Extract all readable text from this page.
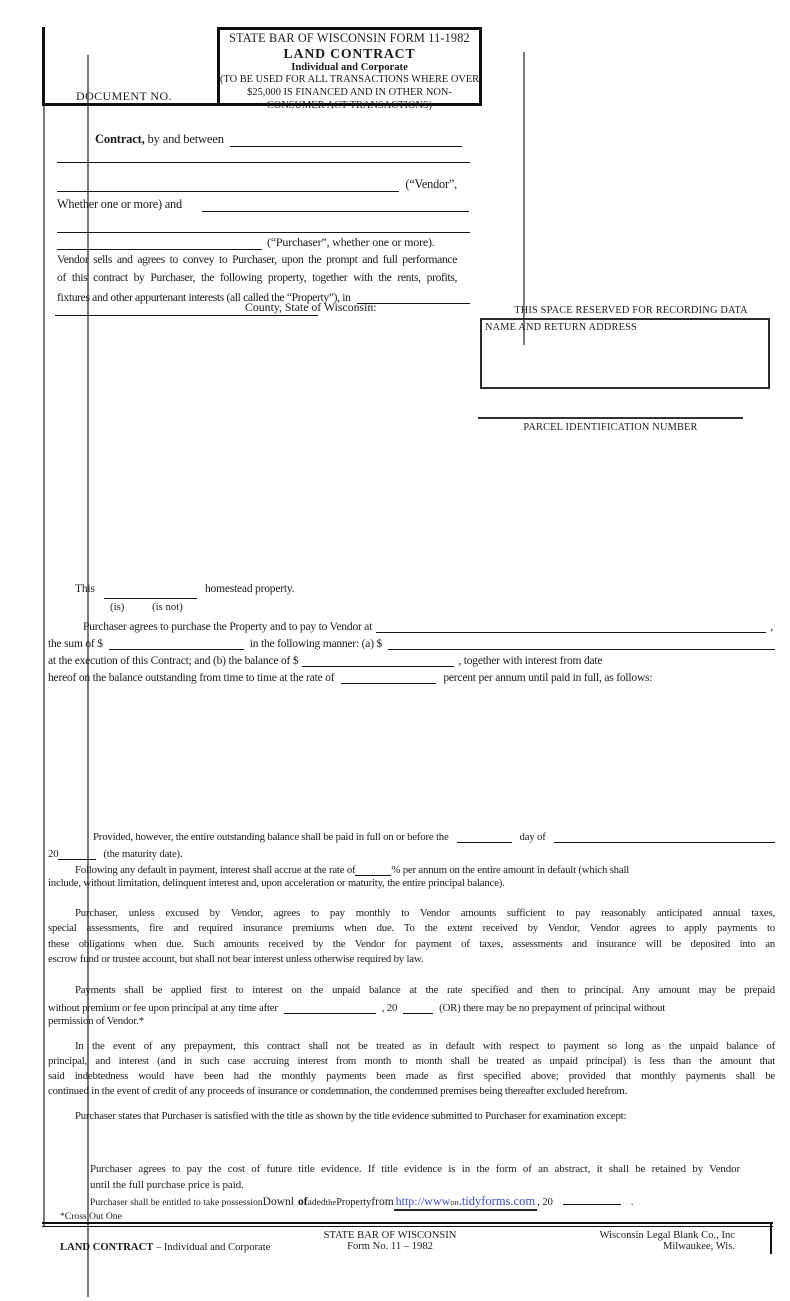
DOCUMENT NO.
STATE BAR OF WISCONSIN FORM 11-1982
LAND CONTRACT
Individual and Corporate
(TO BE USED FOR ALL TRANSACTIONS WHERE OVER
$25,000 IS FINANCED AND IN OTHER NON-
CONSUMER ACT TRANSACTIONS)
Contract, by and between
(“Vendor”,
Whether one or more) and
(“Purchaser”, whether one or more).
Vendor sells and agrees to convey to Purchaser, upon the prompt and full performance
of this contract by Purchaser, the following property, together with the rents, profits,
fixtures and other appurtenant interests (all called the “Property”), in
County, State of Wisconsin:	THIS SPACE RESERVED FOR RECORDING DATA
NAME AND RETURN ADDRESS
PARCEL IDENTIFICATION NUMBER
This	homestead property.
(is)	(is not)
Purchaser agrees to purchase the Property and to pay to Vendor at	,
the sum of $	in the following manner: (a) $
at the execution of this Contract; and (b) the balance of $	, together with interest from date
hereof on the balance outstanding from time to time at the rate of	percent per annum until paid in full, as follows:
Provided, however, the entire outstanding balance shall be paid in full on or before the	day of
20	(the maturity date).
Following any default in payment, interest shall accrue at the rate of	% per annum on the entire amount in default (which shall
include, without limitation, delinquent interest and, upon acceleration or maturity, the entire principal balance).
Purchaser, unless excused by Vendor, agrees to pay monthly to Vendor amounts sufficient to pay reasonably anticipated annual taxes,
special assessments, fire and required insurance premiums when due. To the extent received by Vendor, Vendor agrees to apply payments to
these obligations when due. Such amounts received by the Vendor for payment of taxes, assessments and insurance will be deposited into an
escrow fund or trustee account, but shall not bear interest unless otherwise required by law.
Payments shall be applied first to interest on the unpaid balance at the rate specified and then to principal. Any amount may be prepaid
without premium or fee upon principal at any time after	, 20	(OR) there may be no prepayment of principal without
permission of Vendor.*
In the event of any prepayment, this contract shall not be treated as in default with respect to payment so long as the unpaid balance of
principal, and interest (and in such case accruing interest from month to month shall be treated as unpaid principal) is less than the amount that
said indebtedness would have been had the monthly payments been made as first specified above; provided that monthly payments shall be
continued in the event of credit of any proceeds of insurance or condemnation, the condemned premises being thereafter excluded herefrom.
Purchaser states that Purchaser is satisfied with the title as shown by the title evidence submitted to Purchaser for examination except:
Purchaser agrees to pay the cost of future title evidence. If title evidence is in the form of an abstract, it shall be retained by Vendor
until the full purchase price is paid.
Purchaser shall be entitled to take possession Downl of aded the Property from http://www on .tidyforms.com , 20	.
*Cross Out One
LAND CONTRACT – Individual and Corporate
STATE BAR OF WISCONSIN
Form No. 11 – 1982
Wisconsin Legal Blank Co., Inc
Milwaukee, Wis.
